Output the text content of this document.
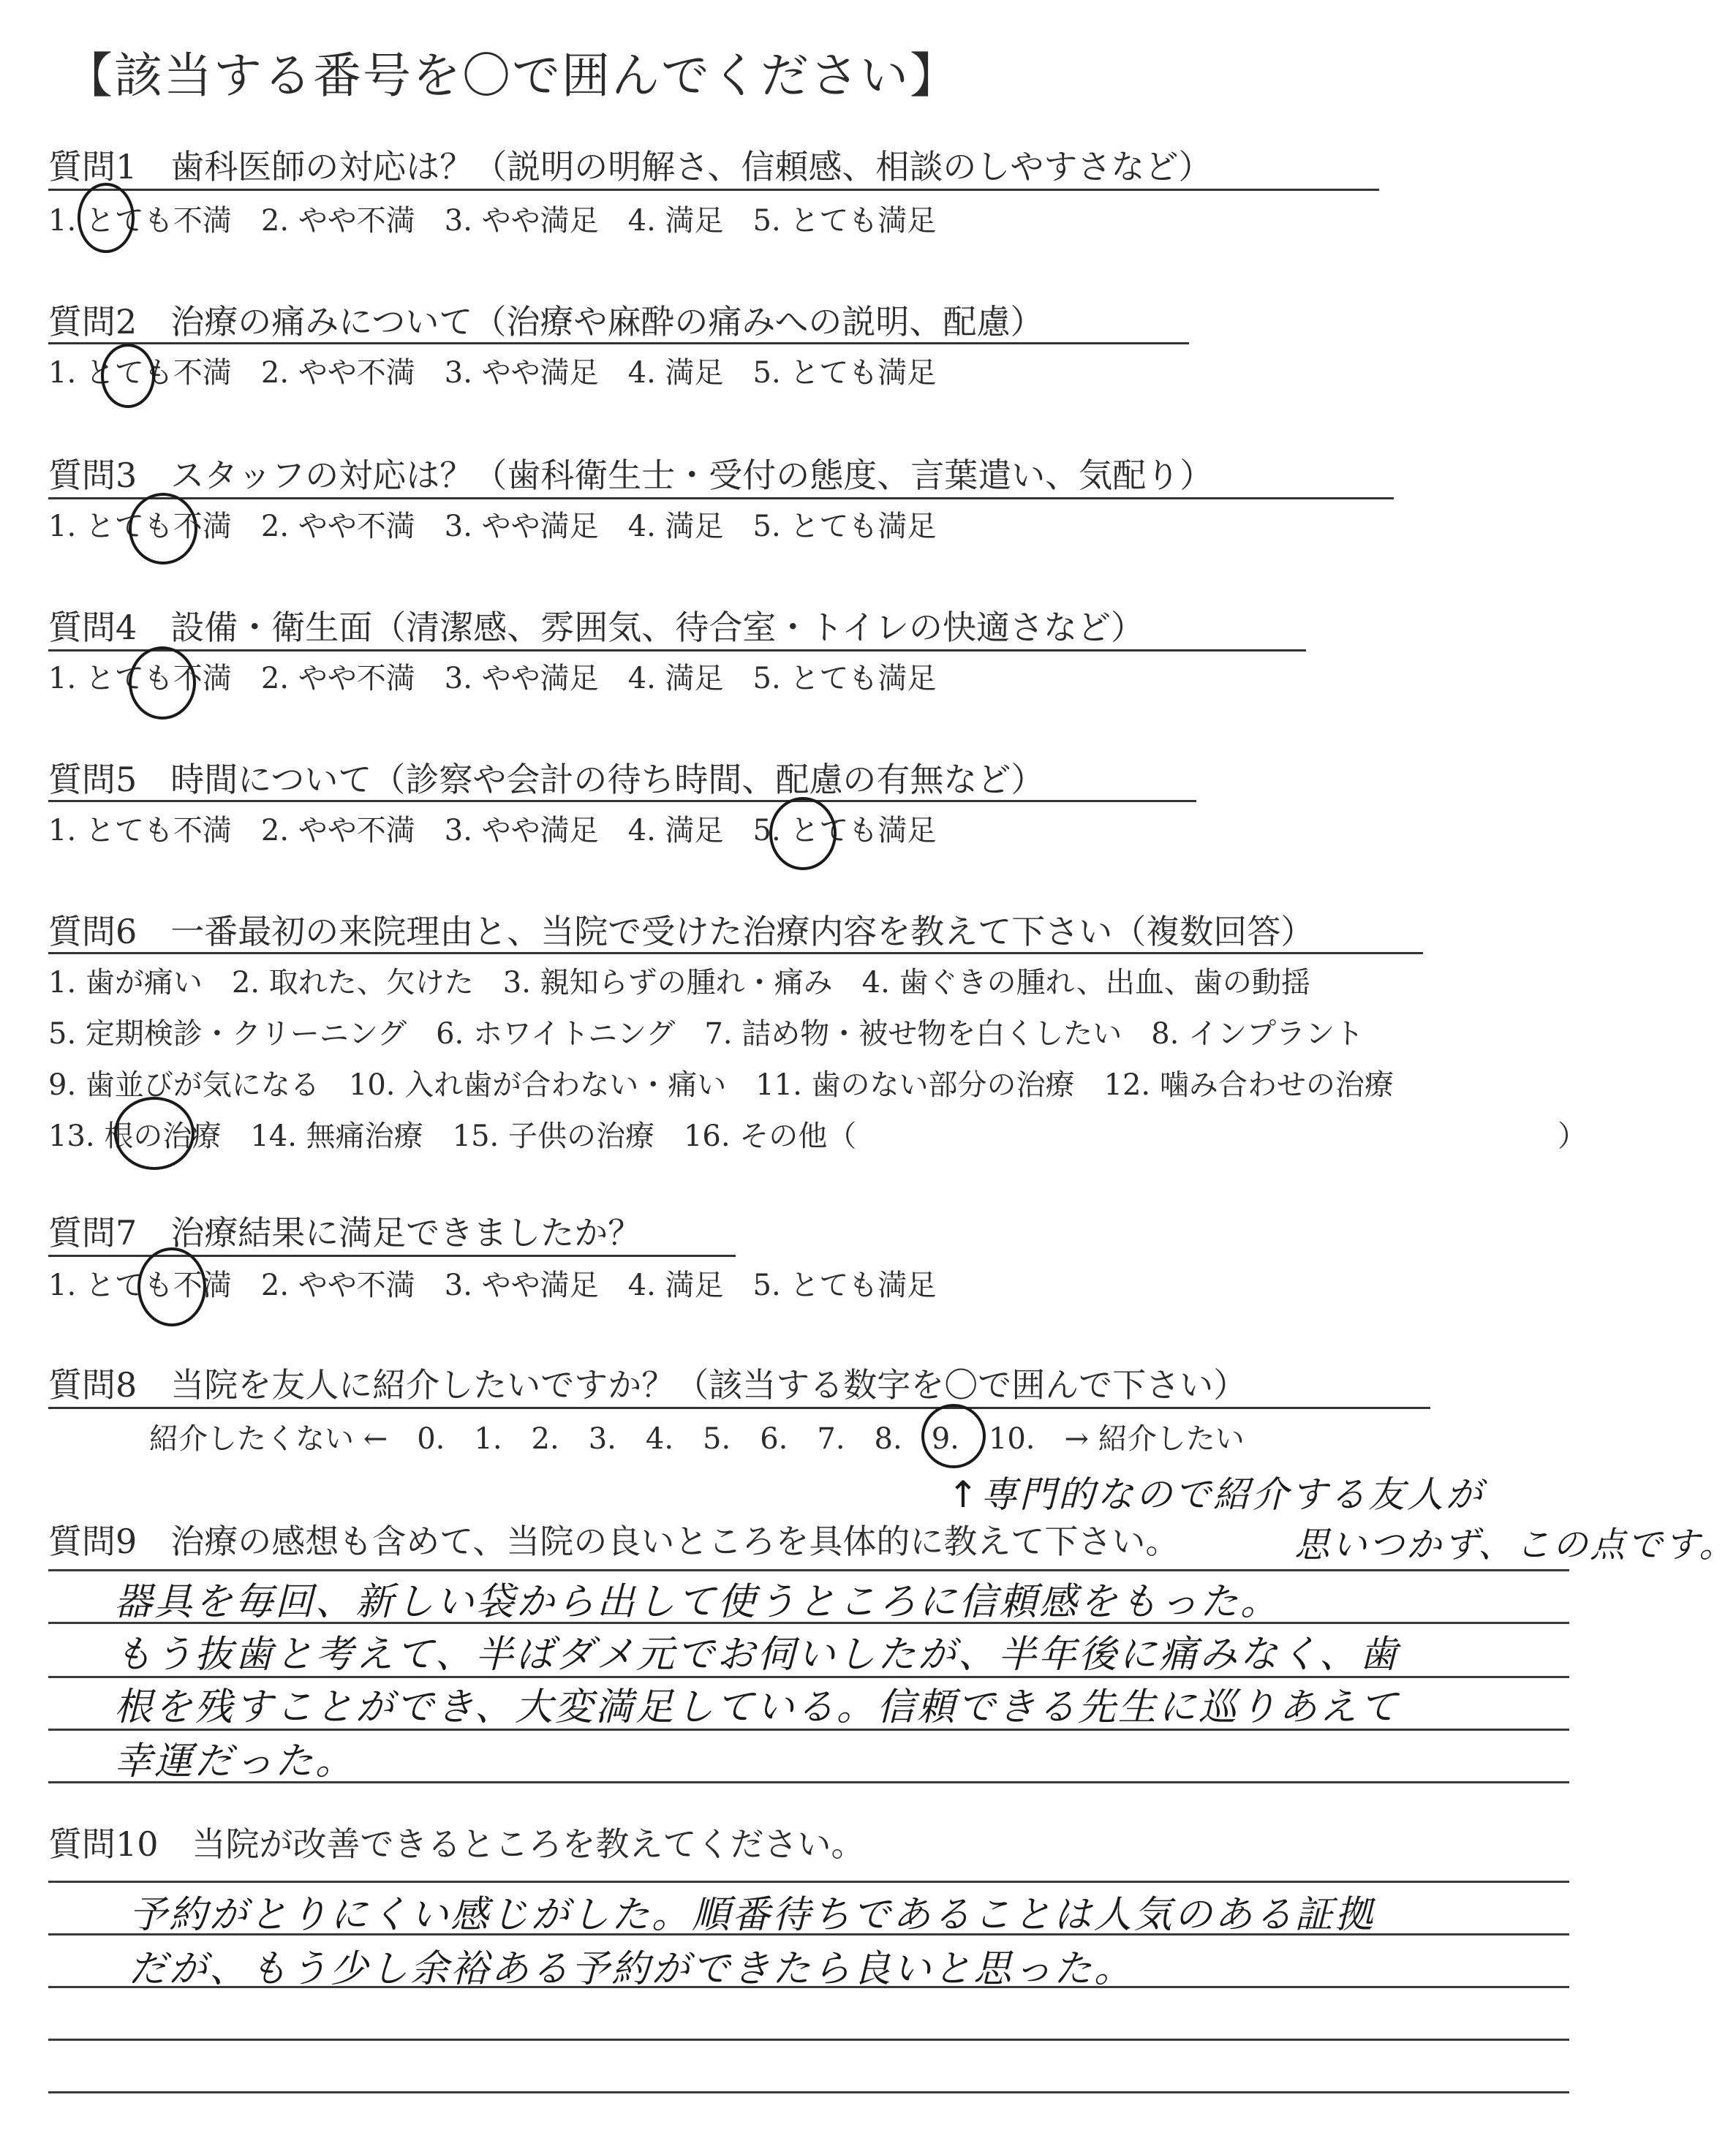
【該当する番号を〇で囲んでください】
質問1　歯科医師の対応は？（説明の明解さ、信頼感、相談のしやすさなど）
1. とても不満　2. やや不満　3. やや満足　4. 満足　5. とても満足
質問2　治療の痛みについて（治療や麻酔の痛みへの説明、配慮）
1. とても不満　2. やや不満　3. やや満足　4. 満足　5. とても満足
質問3　スタッフの対応は？（歯科衛生士・受付の態度、言葉遣い、気配り）
1. とても不満　2. やや不満　3. やや満足　4. 満足　5. とても満足
質問4　設備・衛生面（清潔感、雰囲気、待合室・トイレの快適さなど）
1. とても不満　2. やや不満　3. やや満足　4. 満足　5. とても満足
質問5　時間について（診察や会計の待ち時間、配慮の有無など）
1. とても不満　2. やや不満　3. やや満足　4. 満足　5. とても満足
質問6　一番最初の来院理由と、当院で受けた治療内容を教えて下さい（複数回答）
1. 歯が痛い　2. 取れた、欠けた　3. 親知らずの腫れ・痛み　4. 歯ぐきの腫れ、出血、歯の動揺
5. 定期検診・クリーニング　6. ホワイトニング　7. 詰め物・被せ物を白くしたい　8. インプラント
9. 歯並びが気になる　10. 入れ歯が合わない・痛い　11. 歯のない部分の治療　12. 噛み合わせの治療
13. 根の治療　14. 無痛治療　15. 子供の治療　16. その他（	）
質問7　治療結果に満足できましたか？
1. とても不満　2. やや不満　3. やや満足　4. 満足　5. とても満足
質問8　当院を友人に紹介したいですか？（該当する数字を〇で囲んで下さい）
紹介したくない ←　0.　1.　2.　3.　4.　5.　6.　7.　8.　9.　10.　→ 紹介したい
↑専門的なので紹介する友人が
思いつかず、この点です。
質問9　治療の感想も含めて、当院の良いところを具体的に教えて下さい。
器具を毎回、新しい袋から出して使うところに信頼感をもった。
もう抜歯と考えて、半ばダメ元でお伺いしたが、半年後に痛みなく、歯
根を残すことができ、大変満足している。信頼できる先生に巡りあえて
幸運だった。
質問10　当院が改善できるところを教えてください。
予約がとりにくい感じがした。順番待ちであることは人気のある証拠
だが、もう少し余裕ある予約ができたら良いと思った。
